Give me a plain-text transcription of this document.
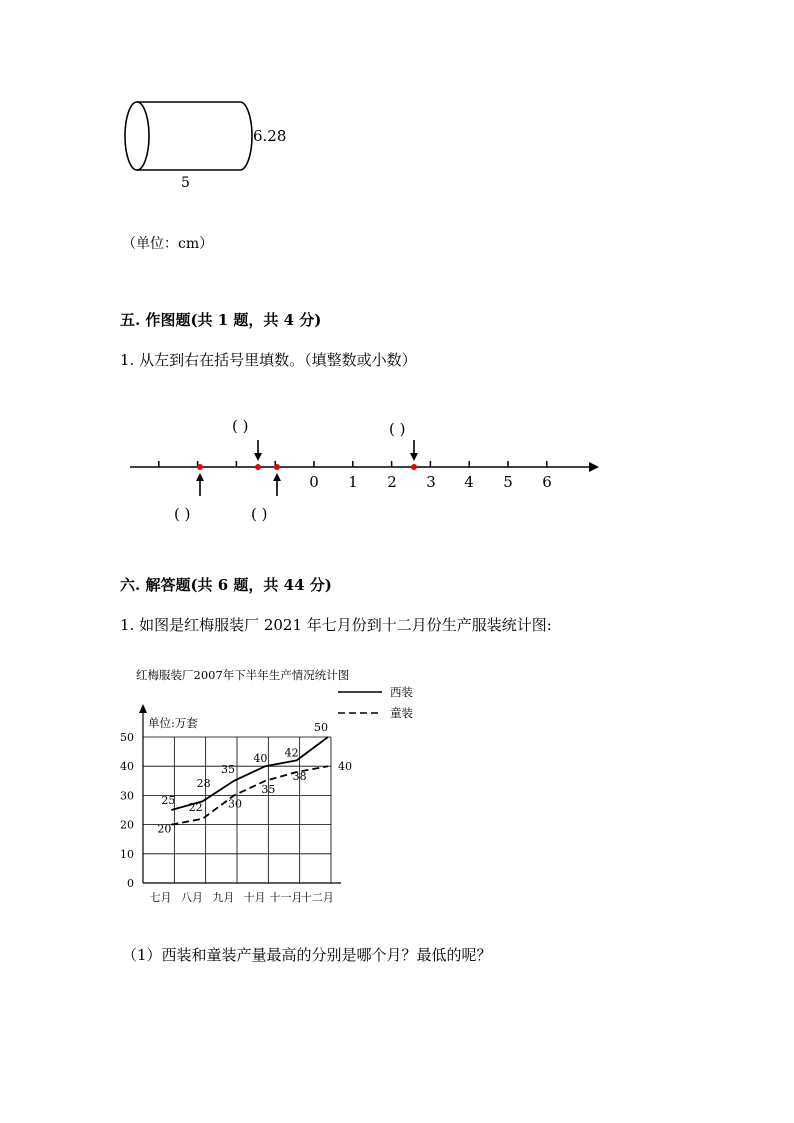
6.28
5
（单位：cm）
五. 作图题(共 1 题，共 4 分)
1. 从左到右在括号里填数。（填整数或小数）
0 1 2 3 4 5 6
( )	( )
( )	( )
六. 解答题(共 6 题，共 44 分)
1. 如图是红梅服装厂 2021 年七月份到十二月份生产服装统计图:
红梅服装厂2007年下半年生产情况统计图
单位:万套
0
10
20
30
40
50
七月 八月 九月 十月 十一月
十二月
25
28
35
40 42
50
20
22 30
35
38
40
西装
童装
（1）西装和童装产量最高的分别是哪个月？最低的呢？
